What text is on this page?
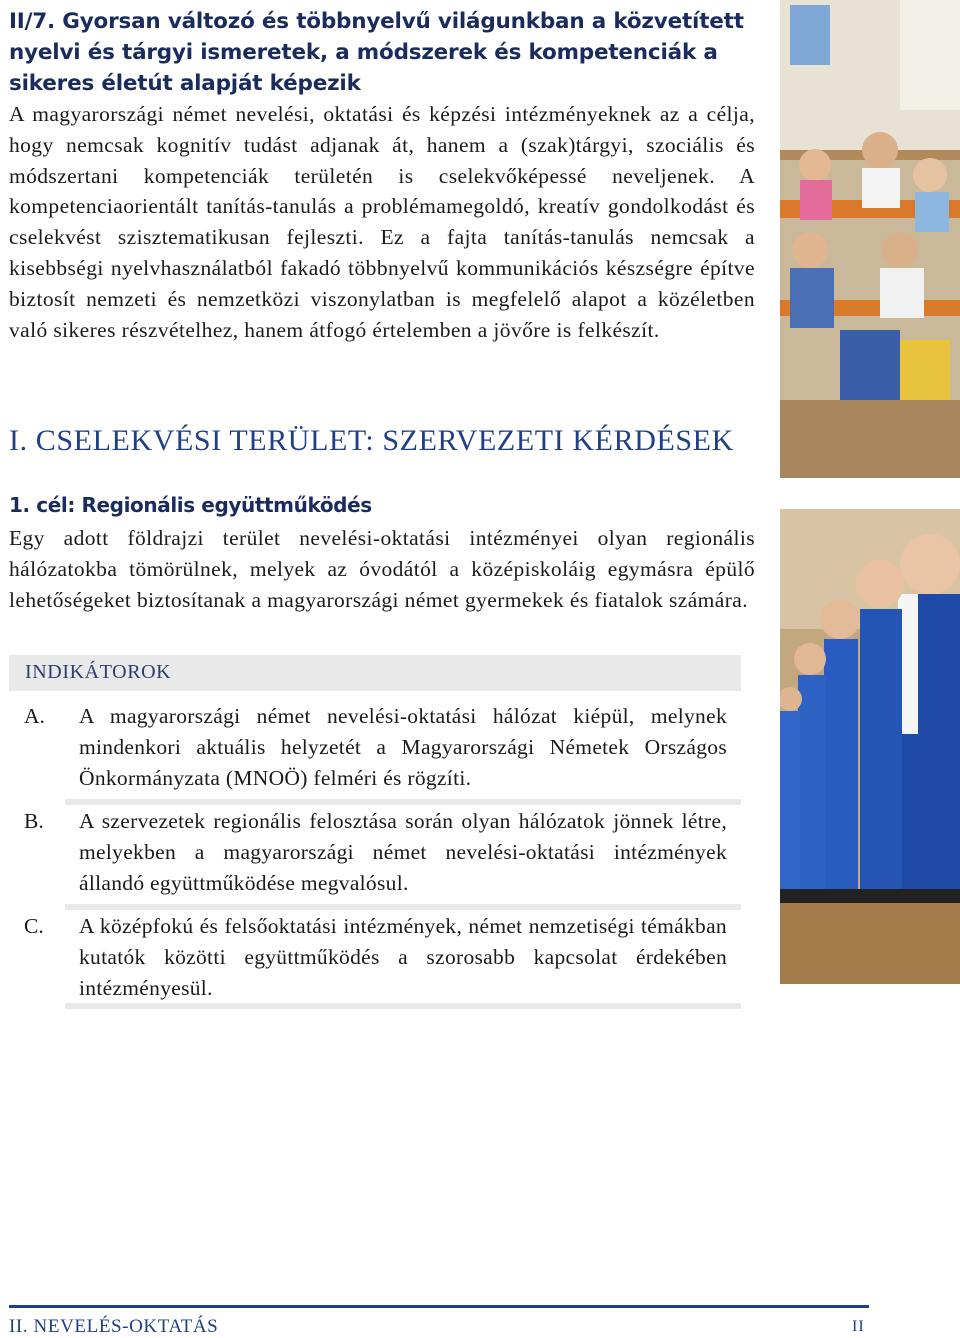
II/7. Gyorsan változó és többnyelvű világunkban a közvetített nyelvi és tárgyi ismeretek, a módszerek és kompetenciák a sikeres életút alapját képezik

A magyarországi német nevelési, oktatási és képzési intézményeknek az a célja, hogy nemcsak kognitív tudást adjanak át, hanem a (szak)tárgyi, szociális és módszertani kompetenciák területén is cselekvőképessé neveljenek. A kompetenciaorientált tanítás-tanulás a problémamegoldó, kreatív gondolkodást és cselekvést szisztematikusan fejleszti. Ez a fajta tanítás-tanulás nemcsak a kisebbségi nyelvhasználatból fakadó többnyelvű kommunikációs készségre építve biztosít nemzeti és nemzetközi viszonylatban is megfelelő alapot a közéletben való sikeres részvételhez, hanem átfogó értelemben a jövőre is felkészít.

I. CSELEKVÉSI TERÜLET: SZERVEZETI KÉRDÉSEK
1. cél: Regionális együttműködés

Egy adott földrajzi terület nevelési-oktatási intézményei olyan regionális hálózatokba tömörülnek, melyek az óvodától a középiskoláig egymásra épülő lehetőségeket biztosítanak a magyarországi német gyermekek és fiatalok számára.

INDIKÁTOROK
A. A magyarországi német nevelési-oktatási hálózat kiépül, melynek mindenkori aktuális helyzetét a Magyarországi Németek Országos Önkormányzata (MNOÖ) felméri és rögzíti.
B. A szervezetek regionális felosztása során olyan hálózatok jönnek létre, melyekben a magyarországi német nevelési-oktatási intézmények állandó együttműködése megvalósul.
C. A középfokú és felsőoktatási intézmények, német nemzetiségi témákban kutatók közötti együttműködés a szorosabb kapcsolat érdekében intézményesül.
II. NEVELÉS-OKTATÁS	II
